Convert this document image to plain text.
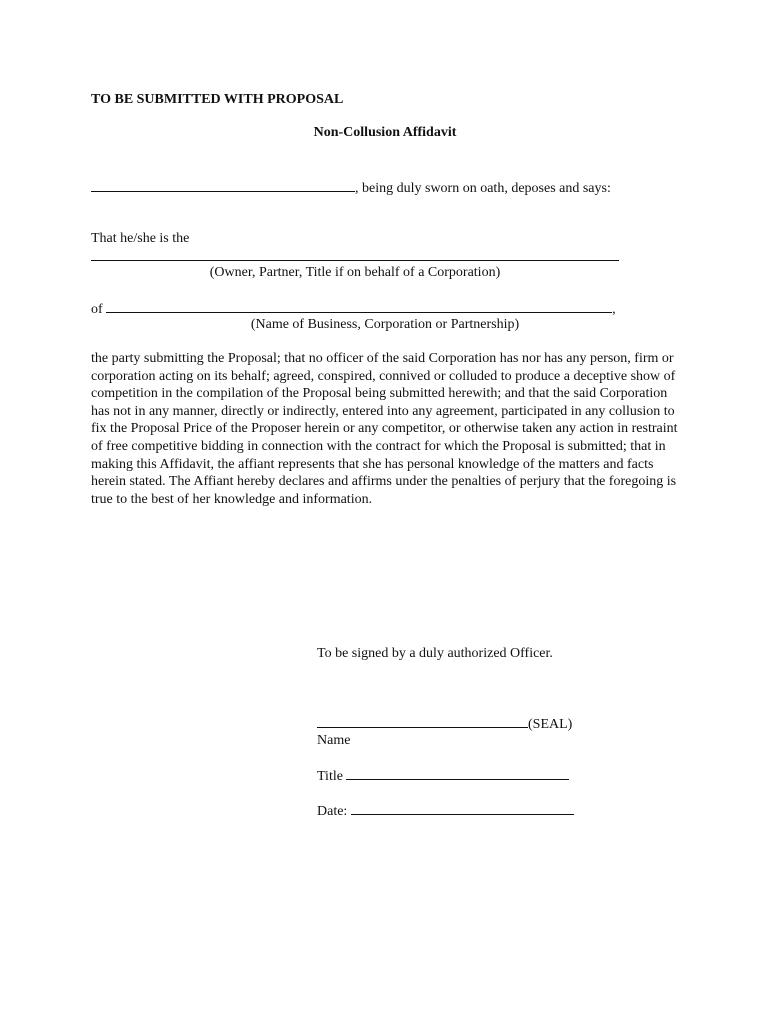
TO BE SUBMITTED WITH PROPOSAL
Non-Collusion Affidavit
, being duly sworn on oath, deposes and says:
That he/she is the
(Owner, Partner, Title if on behalf of a Corporation)
of	,
(Name of Business, Corporation or Partnership)
the party submitting the Proposal; that no officer of the said Corporation has nor has any person, firm or corporation acting on its behalf; agreed, conspired, connived or colluded to produce a deceptive show of competition in the compilation of the Proposal being submitted herewith; and that the said Corporation has not in any manner, directly or indirectly, entered into any agreement, participated in any collusion to fix the Proposal Price of the Proposer herein or any competitor, or otherwise taken any action in restraint of free competitive bidding in connection with the contract for which the Proposal is submitted; that in making this Affidavit, the affiant represents that she has personal knowledge of the matters and facts herein stated. The Affiant hereby declares and affirms under the penalties of perjury that the foregoing is true to the best of her knowledge and information.
To be signed by a duly authorized Officer.
(SEAL)
Name
Title
Date:
